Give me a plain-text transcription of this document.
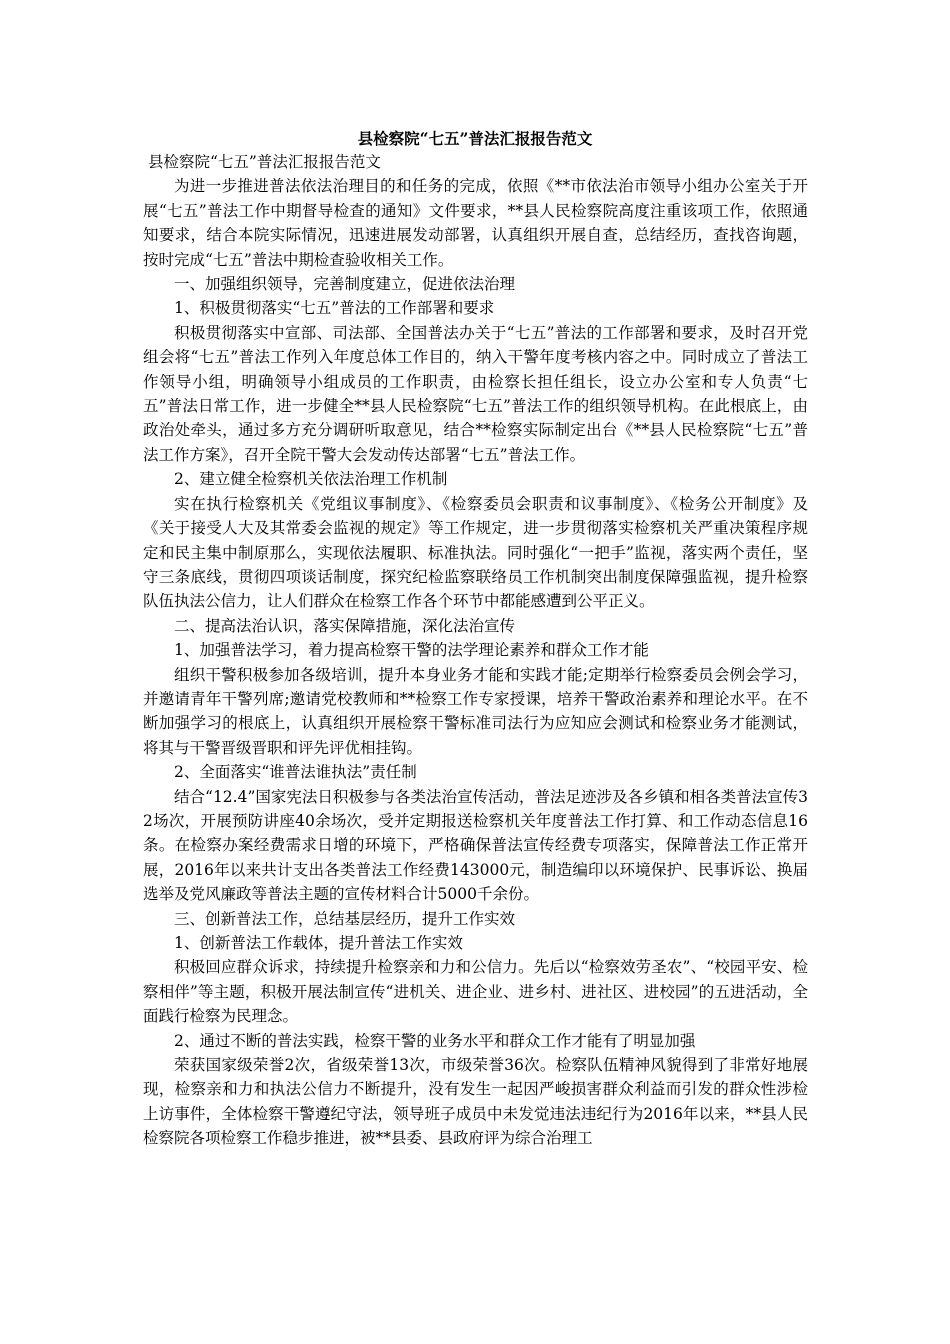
县检察院“七五”普法汇报报告范文

县检察院“七五”普法汇报报告范文

为进一步推进普法依法治理目的和任务的完成，依照《**市依法治市领导小组办公室关于开展“七五”普法工作中期督导检查的通知》文件要求，**县人民检察院高度注重该项工作，依照通知要求，结合本院实际情况，迅速进展发动部署，认真组织开展自查，总结经历，查找咨询题，按时完成“七五”普法中期检查验收相关工作。

一、加强组织领导，完善制度建立，促进依法治理

1、积极贯彻落实“七五”普法的工作部署和要求

积极贯彻落实中宣部、司法部、全国普法办关于“七五”普法的工作部署和要求，及时召开党组会将“七五”普法工作列入年度总体工作目的，纳入干警年度考核内容之中。同时成立了普法工作领导小组，明确领导小组成员的工作职责，由检察长担任组长，设立办公室和专人负责“七五”普法日常工作，进一步健全**县人民检察院“七五”普法工作的组织领导机构。在此根底上，由政治处牵头，通过多方充分调研听取意见，结合**检察实际制定出台《**县人民检察院“七五”普法工作方案》，召开全院干警大会发动传达部署“七五”普法工作。

2、建立健全检察机关依法治理工作机制

实在执行检察机关《党组议事制度》、《检察委员会职责和议事制度》、《检务公开制度》及《关于接受人大及其常委会监视的规定》等工作规定，进一步贯彻落实检察机关严重决策程序规定和民主集中制原那么，实现依法履职、标准执法。同时强化“一把手”监视，落实两个责任，坚守三条底线，贯彻四项谈话制度，探究纪检监察联络员工作机制突出制度保障强监视，提升检察队伍执法公信力，让人们群众在检察工作各个环节中都能感遭到公平正义。

二、提高法治认识，落实保障措施，深化法治宣传

1、加强普法学习，着力提高检察干警的法学理论素养和群众工作才能

组织干警积极参加各级培训，提升本身业务才能和实践才能;定期举行检察委员会例会学习，并邀请青年干警列席;邀请党校教师和**检察工作专家授课，培养干警政治素养和理论水平。在不断加强学习的根底上，认真组织开展检察干警标准司法行为应知应会测试和检察业务才能测试，将其与干警晋级晋职和评先评优相挂钩。

2、全面落实“谁普法谁执法”责任制

结合“12.4”国家宪法日积极参与各类法治宣传活动，普法足迹涉及各乡镇和相各类普法宣传32场次，开展预防讲座40余场次，受并定期报送检察机关年度普法工作打算、和工作动态信息16条。在检察办案经费需求日增的环境下，严格确保普法宣传经费专项落实，保障普法工作正常开展，2016年以来共计支出各类普法工作经费143000元，制造编印以环境保护、民事诉讼、换届选举及党风廉政等普法主题的宣传材料合计5000千余份。

三、创新普法工作，总结基层经历，提升工作实效

1、创新普法工作载体，提升普法工作实效

积极回应群众诉求，持续提升检察亲和力和公信力。先后以“检察效劳圣农”、“校园平安、检察相伴”等主题，积极开展法制宣传“进机关、进企业、进乡村、进社区、进校园”的五进活动，全面践行检察为民理念。

2、通过不断的普法实践，检察干警的业务水平和群众工作才能有了明显加强

荣获国家级荣誉2次，省级荣誉13次，市级荣誉36次。检察队伍精神风貌得到了非常好地展现，检察亲和力和执法公信力不断提升，没有发生一起因严峻损害群众利益而引发的群众性涉检上访事件，全体检察干警遵纪守法，领导班子成员中未发觉违法违纪行为2016年以来，**县人民检察院各项检察工作稳步推进，被**县委、县政府评为综合治理工
